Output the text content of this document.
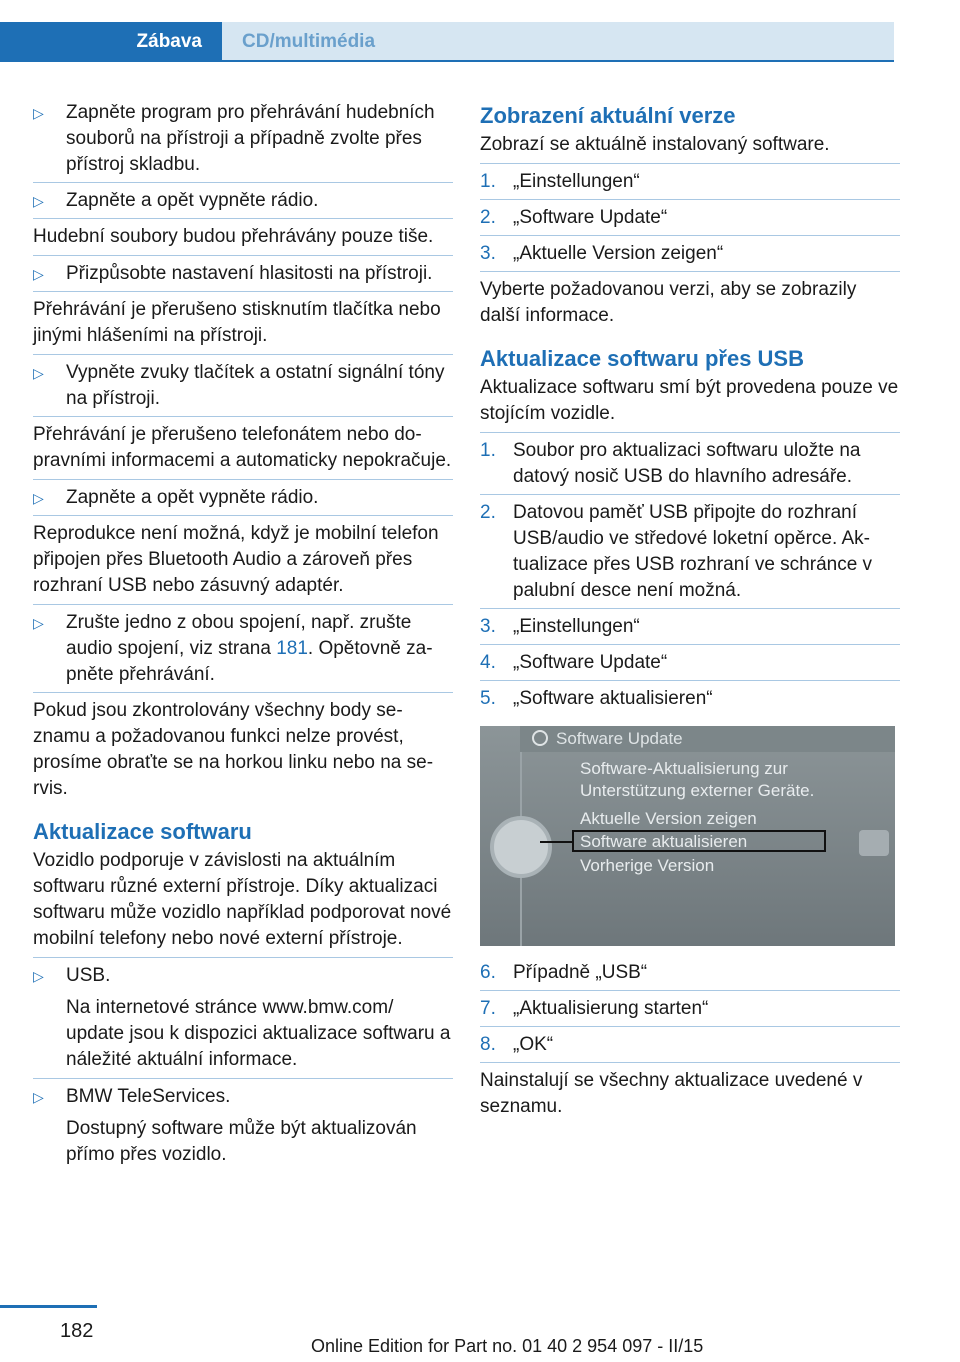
Zábava	CD/multimédia
▷	Zapněte program pro přehrávání hudebních souborů na přístroji a případně zvolte přes přístroj skladbu.
▷	Zapněte a opět vypněte rádio.

Hudební soubory budou přehrávány pouze tiše.

▷	Přizpůsobte nastavení hlasitosti na přístroji.

Přehrávání je přerušeno stisknutím tlačítka nebo jinými hlášeními na přístroji.

▷	Vypněte zvuky tlačítek a ostatní signální tóny na přístroji.

Přehrávání je přerušeno telefonátem nebo dopravními informacemi a automaticky nepokračuje.

▷	Zapněte a opět vypněte rádio.

Reprodukce není možná, když je mobilní telefon připojen přes Bluetooth Audio a zároveň přes rozhraní USB nebo zásuvný adaptér.

▷	Zrušte jedno z obou spojení, např. zrušte audio spojení, viz strana 181. Opětovně zapněte přehrávání.

Pokud jsou zkontrolovány všechny body seznamu a požadovanou funkci nelze provést, prosíme obraťte se na horkou linku nebo na servis.

Aktualizace softwaru

Vozidlo podporuje v závislosti na aktuálním softwaru různé externí přístroje. Díky aktualizaci softwaru může vozidlo například podporovat nové mobilní telefony nebo nové externí přístroje.

▷	USB.

Na internetové stránce www.bmw.com/ update jsou k dispozici aktualizace softwaru a náležité aktuální informace.

▷	BMW TeleServices.

Dostupný software může být aktualizován přímo přes vozidlo.

Zobrazení aktuální verze

Zobrazí se aktuálně instalovaný software.

1. „Einstellungen“
2. „Software Update“
3. „Aktuelle Version zeigen“

Vyberte požadovanou verzi, aby se zobrazily další informace.

Aktualizace softwaru přes USB

Aktualizace softwaru smí být provedena pouze ve stojícím vozidle.

1. Soubor pro aktualizaci softwaru uložte na datový nosič USB do hlavního adresáře.
2. Datovou paměť USB připojte do rozhraní USB/audio ve středové loketní opěrce. Aktualizace přes USB rozhraní ve schránce v palubní desce není možná.
3. „Einstellungen“
4. „Software Update“
5. „Software aktualisieren“
Software Update
Software-Aktualisierung zur
Unterstützung externer Geräte.
Aktuelle Version zeigen
Software aktualisieren
Vorherige Version
6. Případně „USB“
7. „Aktualisierung starten“
8. „OK“

Nainstalují se všechny aktualizace uvedené v seznamu.

182
Online Edition for Part no. 01 40 2 954 097 - II/15
